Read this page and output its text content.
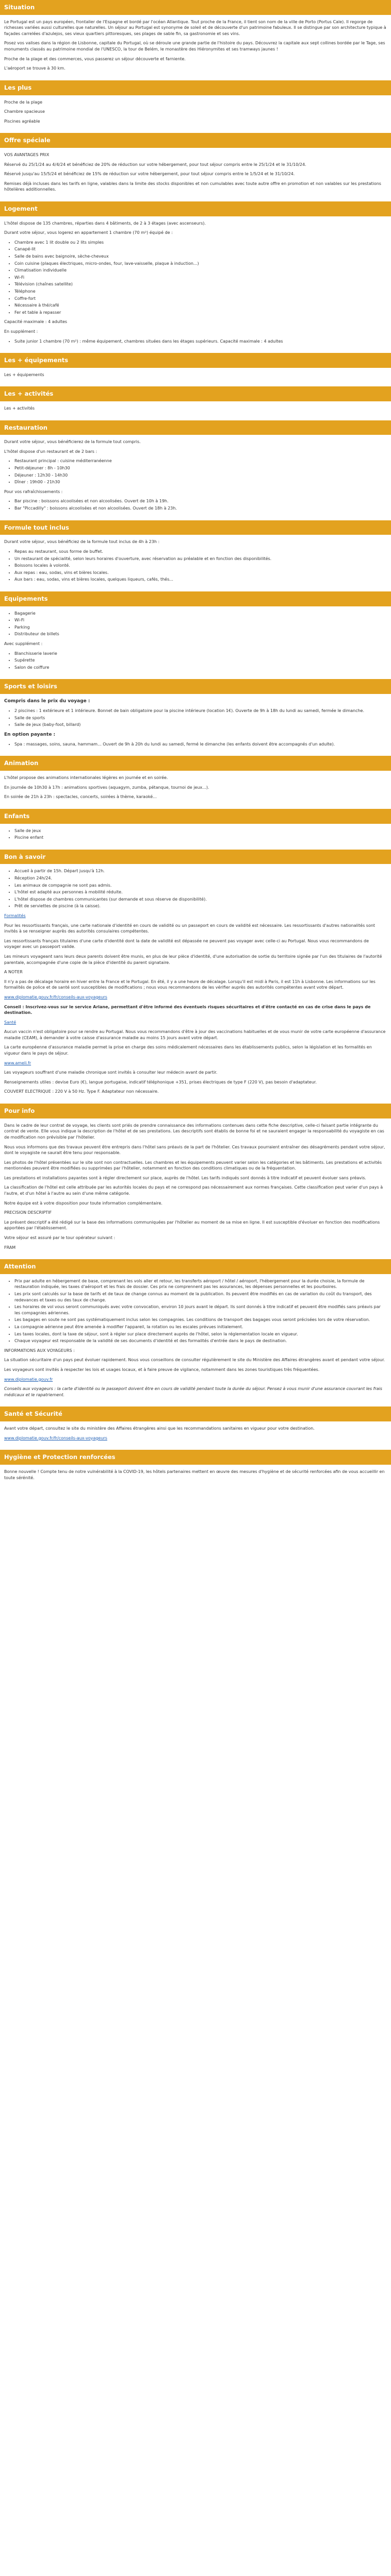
Situation

Le Portugal est un pays européen, frontalier de l'Espagne et bordé par l'océan Atlantique. Tout proche de la France, il tient son nom de la ville de Porto (Portus Cale). Il regorge de richesses variées aussi culturelles que naturelles. Un séjour au Portugal est synonyme de soleil et de découverte d'un patrimoine fabuleux. Il se distingue par son architecture typique à façades carrelées d'azulejos, ses vieux quartiers pittoresques, ses plages de sable fin, sa gastronomie et ses vins.

Posez vos valises dans la région de Lisbonne, capitale du Portugal, où se déroule une grande partie de l'histoire du pays. Découvrez la capitale aux sept collines bordée par le Tage, ses monuments classés au patrimoine mondial de l'UNESCO, la tour de Belém, le monastère des Hiéronymites et ses tramways jaunes !

Proche de la plage et des commerces, vous passerez un séjour découverte et farniente.

L'aéroport se trouve à 30 km.

Les plus

Proche de la plage

Chambre spacieuse

Piscines agréable

Offre spéciale

VOS AVANTAGES PRIX

Réservé du 25/1/24 au 4/4/24 et bénéficiez de 20% de réduction sur votre hébergement, pour tout séjour compris entre le 25/1/24 et le 31/10/24.

Réservé jusqu'au 15/5/24 et bénéficiez de 15% de réduction sur votre hébergement, pour tout séjour compris entre le 1/5/24 et le 31/10/24.

Remises déjà incluses dans les tarifs en ligne, valables dans la limite des stocks disponibles et non cumulables avec toute autre offre en promotion et non valables sur les prestations hôtelières additionnelles.

Logement

L'hôtel dispose de 135 chambres, réparties dans 4 bâtiments, de 2 à 3 étages (avec ascenseurs).

Durant votre séjour, vous logerez en appartement 1 chambre (70 m²) équipé de :

• Chambre avec 1 lit double ou 2 lits simples
• Canapé-lit
• Salle de bains avec baignoire, sèche-cheveux
• Coin cuisine (plaques électriques, micro-ondes, four, lave-vaisselle, plaque à induction...)
• Climatisation individuelle
• Wi-Fi
• Télévision (chaînes satellite)
• Téléphone
• Coffre-fort
• Nécessaire à thé/café
• Fer et table à repasser

Capacité maximale : 4 adultes

En supplément :

• Suite junior 1 chambre (70 m²) : même équipement, chambres situées dans les étages supérieurs. Capacité maximale : 4 adultes
Les + équipements

Les + équipements

Les + activités

Les + activités

Restauration

Durant votre séjour, vous bénéficierez de la formule tout compris.

L'hôtel dispose d'un restaurant et de 2 bars :

• Restaurant principal : cuisine méditerranéenne
• Petit-déjeuner : 8h - 10h30
• Déjeuner : 12h30 - 14h30
• Dîner : 19h00 - 21h30

Pour vos rafraîchissements :

• Bar piscine : boissons alcoolisées et non alcoolisées. Ouvert de 10h à 19h.
• Bar "Piccadilly" : boissons alcoolisées et non alcoolisées. Ouvert de 18h à 23h.
Formule tout inclus

Durant votre séjour, vous bénéficiez de la formule tout inclus de 4h à 23h :

• Repas au restaurant, sous forme de buffet.
• Un restaurant de spécialité, selon leurs horaires d'ouverture, avec réservation au préalable et en fonction des disponibilités.
• Boissons locales à volonté.
• Aux repas : eau, sodas, vins et bières locales.
• Aux bars : eau, sodas, vins et bières locales, quelques liqueurs, cafés, thés...
Equipements
• Bagagerie
• Wi-Fi
• Parking
• Distributeur de billets

Avec supplément :

• Blanchisserie laverie
• Supérette
• Salon de coiffure
Sports et loisirs
Compris dans le prix du voyage :
• 2 piscines : 1 extérieure et 1 intérieure. Bonnet de bain obligatoire pour la piscine intérieure (location 1€). Ouverte de 9h à 18h du lundi au samedi, fermée le dimanche.
• Salle de sports
• Salle de jeux (baby-foot, billard)
En option payante :
• Spa : massages, soins, sauna, hammam... Ouvert de 9h à 20h du lundi au samedi, fermé le dimanche (les enfants doivent être accompagnés d'un adulte).
Animation

L'hôtel propose des animations internationales légères en journée et en soirée.

En journée de 10h30 à 17h : animations sportives (aquagym, zumba, pétanque, tournoi de jeux...).

En soirée de 21h à 23h : spectacles, concerts, soirées à thème, karaoké...

Enfants
• Salle de jeux
• Piscine enfant
Bon à savoir
• Accueil à partir de 15h. Départ jusqu'à 12h.
• Réception 24h/24.
• Les animaux de compagnie ne sont pas admis.
• L'hôtel est adapté aux personnes à mobilité réduite.
• L'hôtel dispose de chambres communicantes (sur demande et sous réserve de disponibilité).
• Prêt de serviettes de piscine (à la caisse).

Formalités

Pour les ressortissants français, une carte nationale d'identité en cours de validité ou un passeport en cours de validité est nécessaire. Les ressortissants d'autres nationalités sont invités à se renseigner auprès des autorités consulaires compétentes.

Les ressortissants français titulaires d'une carte d'identité dont la date de validité est dépassée ne peuvent pas voyager avec celle-ci au Portugal. Nous vous recommandons de voyager avec un passeport valide.

Les mineurs voyageant sans leurs deux parents doivent être munis, en plus de leur pièce d'identité, d'une autorisation de sortie du territoire signée par l'un des titulaires de l'autorité parentale, accompagnée d'une copie de la pièce d'identité du parent signataire.

A NOTER

Il n'y a pas de décalage horaire en hiver entre la France et le Portugal. En été, il y a une heure de décalage. Lorsqu'il est midi à Paris, il est 11h à Lisbonne. Les informations sur les formalités de police et de santé sont susceptibles de modifications ; nous vous recommandons de les vérifier auprès des autorités compétentes avant votre départ.

www.diplomatie.gouv.fr/fr/conseils-aux-voyageurs

Conseil : Inscrivez-vous sur le service Ariane, permettant d'être informé des éventuels risques sécuritaires et d'être contacté en cas de crise dans le pays de destination.

Santé

Aucun vaccin n'est obligatoire pour se rendre au Portugal. Nous vous recommandons d'être à jour des vaccinations habituelles et de vous munir de votre carte européenne d'assurance maladie (CEAM), à demander à votre caisse d'assurance maladie au moins 15 jours avant votre départ.

La carte européenne d'assurance maladie permet la prise en charge des soins médicalement nécessaires dans les établissements publics, selon la législation et les formalités en vigueur dans le pays de séjour.

www.ameli.fr

Les voyageurs souffrant d'une maladie chronique sont invités à consulter leur médecin avant de partir.

Renseignements utiles : devise Euro (€), langue portugaise, indicatif téléphonique +351, prises électriques de type F (220 V), pas besoin d'adaptateur.

COUVERT ELECTRIQUE : 220 V à 50 Hz. Type F. Adaptateur non nécessaire.

Pour info

Dans le cadre de leur contrat de voyage, les clients sont priés de prendre connaissance des informations contenues dans cette fiche descriptive, celle-ci faisant partie intégrante du contrat de vente. Elle vous indique la description de l'hôtel et de ses prestations. Les descriptifs sont établis de bonne foi et ne sauraient engager la responsabilité du voyagiste en cas de modification non prévisible par l'hôtelier.

Nous vous informons que des travaux peuvent être entrepris dans l'hôtel sans préavis de la part de l'hôtelier. Ces travaux pourraient entraîner des désagréments pendant votre séjour, dont le voyagiste ne saurait être tenu pour responsable.

Les photos de l'hôtel présentées sur le site sont non contractuelles. Les chambres et les équipements peuvent varier selon les catégories et les bâtiments. Les prestations et activités mentionnées peuvent être modifiées ou supprimées par l'hôtelier, notamment en fonction des conditions climatiques ou de la fréquentation.

Les prestations et installations payantes sont à régler directement sur place, auprès de l'hôtel. Les tarifs indiqués sont donnés à titre indicatif et peuvent évoluer sans préavis.

La classification de l'hôtel est celle attribuée par les autorités locales du pays et ne correspond pas nécessairement aux normes françaises. Cette classification peut varier d'un pays à l'autre, et d'un hôtel à l'autre au sein d'une même catégorie.

Notre équipe est à votre disposition pour toute information complémentaire.

PRECISION DESCRIPTIF

Le présent descriptif a été rédigé sur la base des informations communiquées par l'hôtelier au moment de sa mise en ligne. Il est susceptible d'évoluer en fonction des modifications apportées par l'établissement.

Votre séjour est assuré par le tour opérateur suivant :

FRAM

Attention
• Prix par adulte en hébergement de base, comprenant les vols aller et retour, les transferts aéroport / hôtel / aéroport, l'hébergement pour la durée choisie, la formule de restauration indiquée, les taxes d'aéroport et les frais de dossier. Ces prix ne comprennent pas les assurances, les dépenses personnelles et les pourboires.
• Les prix sont calculés sur la base de tarifs et de taux de change connus au moment de la publication. Ils peuvent être modifiés en cas de variation du coût du transport, des redevances et taxes ou des taux de change.
• Les horaires de vol vous seront communiqués avec votre convocation, environ 10 jours avant le départ. Ils sont donnés à titre indicatif et peuvent être modifiés sans préavis par les compagnies aériennes.
• Les bagages en soute ne sont pas systématiquement inclus selon les compagnies. Les conditions de transport des bagages vous seront précisées lors de votre réservation.
• La compagnie aérienne peut être amenée à modifier l'appareil, la rotation ou les escales prévues initialement.
• Les taxes locales, dont la taxe de séjour, sont à régler sur place directement auprès de l'hôtel, selon la réglementation locale en vigueur.
• Chaque voyageur est responsable de la validité de ses documents d'identité et des formalités d'entrée dans le pays de destination.

INFORMATIONS AUX VOYAGEURS :

La situation sécuritaire d'un pays peut évoluer rapidement. Nous vous conseillons de consulter régulièrement le site du Ministère des Affaires étrangères avant et pendant votre séjour.

Les voyageurs sont invités à respecter les lois et usages locaux, et à faire preuve de vigilance, notamment dans les zones touristiques très fréquentées.

www.diplomatie.gouv.fr

Conseils aux voyageurs : la carte d'identité ou le passeport doivent être en cours de validité pendant toute la durée du séjour. Pensez à vous munir d'une assurance couvrant les frais médicaux et le rapatriement.

Santé et Sécurité

Avant votre départ, consultez le site du ministère des Affaires étrangères ainsi que les recommandations sanitaires en vigueur pour votre destination.

www.diplomatie.gouv.fr/fr/conseils-aux-voyageurs

Hygiène et Protection renforcées

Bonne nouvelle ! Compte tenu de notre vulnérabilité à la COVID-19, les hôtels partenaires mettent en œuvre des mesures d'hygiène et de sécurité renforcées afin de vous accueillir en toute sérénité.
